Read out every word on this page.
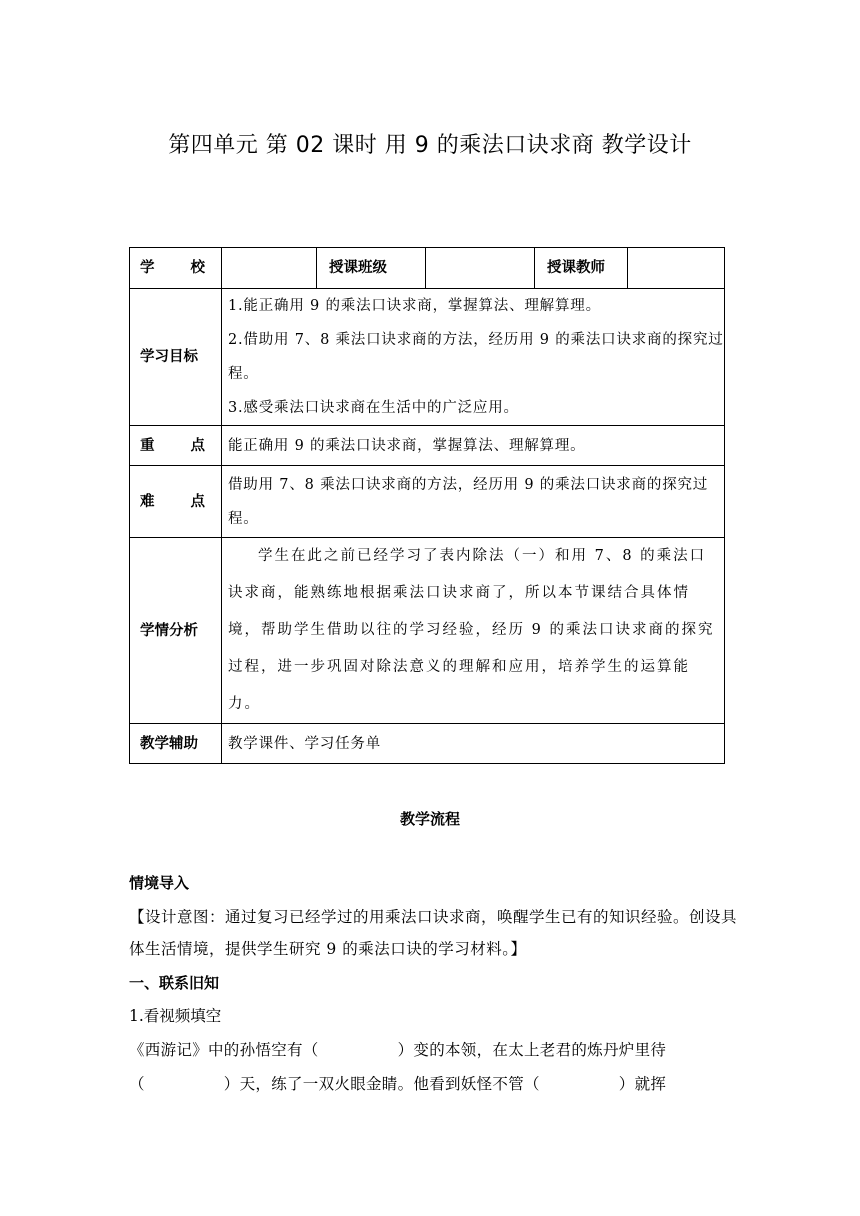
第四单元 第 02 课时 用 9 的乘法口诀求商 教学设计
学　　校		授课班级		授课教师	
学习目标	1.能正确用 9 的乘法口诀求商，掌握算法、理解算理。
2.借助用 7、8 乘法口诀求商的方法，经历用 9 的乘法口诀求商的探究过程。
3.感受乘法口诀求商在生活中的广泛应用。				

重　　点	能正确用 9 的乘法口诀求商，掌握算法、理解算理。				
难　　点	借助用 7、8 乘法口诀求商的方法，经历用 9 的乘法口诀求商的探究过程。				
学情分析	学生在此之前已经学习了表内除法（一）和用 7、8 的乘法口诀求商，能熟练地根据乘法口诀求商了，所以本节课结合具体情境，帮助学生借助以往的学习经验，经历 9 的乘法口诀求商的探究过程，进一步巩固对除法意义的理解和应用，培养学生的运算能力。				

教学辅助	教学课件、学习任务单				
教学流程
情境导入
【设计意图：通过复习已经学过的用乘法口诀求商，唤醒学生已有的知识经验。创设具体生活情境，提供学生研究 9 的乘法口诀的学习材料。】
一、联系旧知
1.看视频填空
《西游记》中的孙悟空有（　　　　　）变的本领，在太上老君的炼丹炉里待
（　　　　　）天，练了一双火眼金睛。他看到妖怪不管（　　　　　）就挥
